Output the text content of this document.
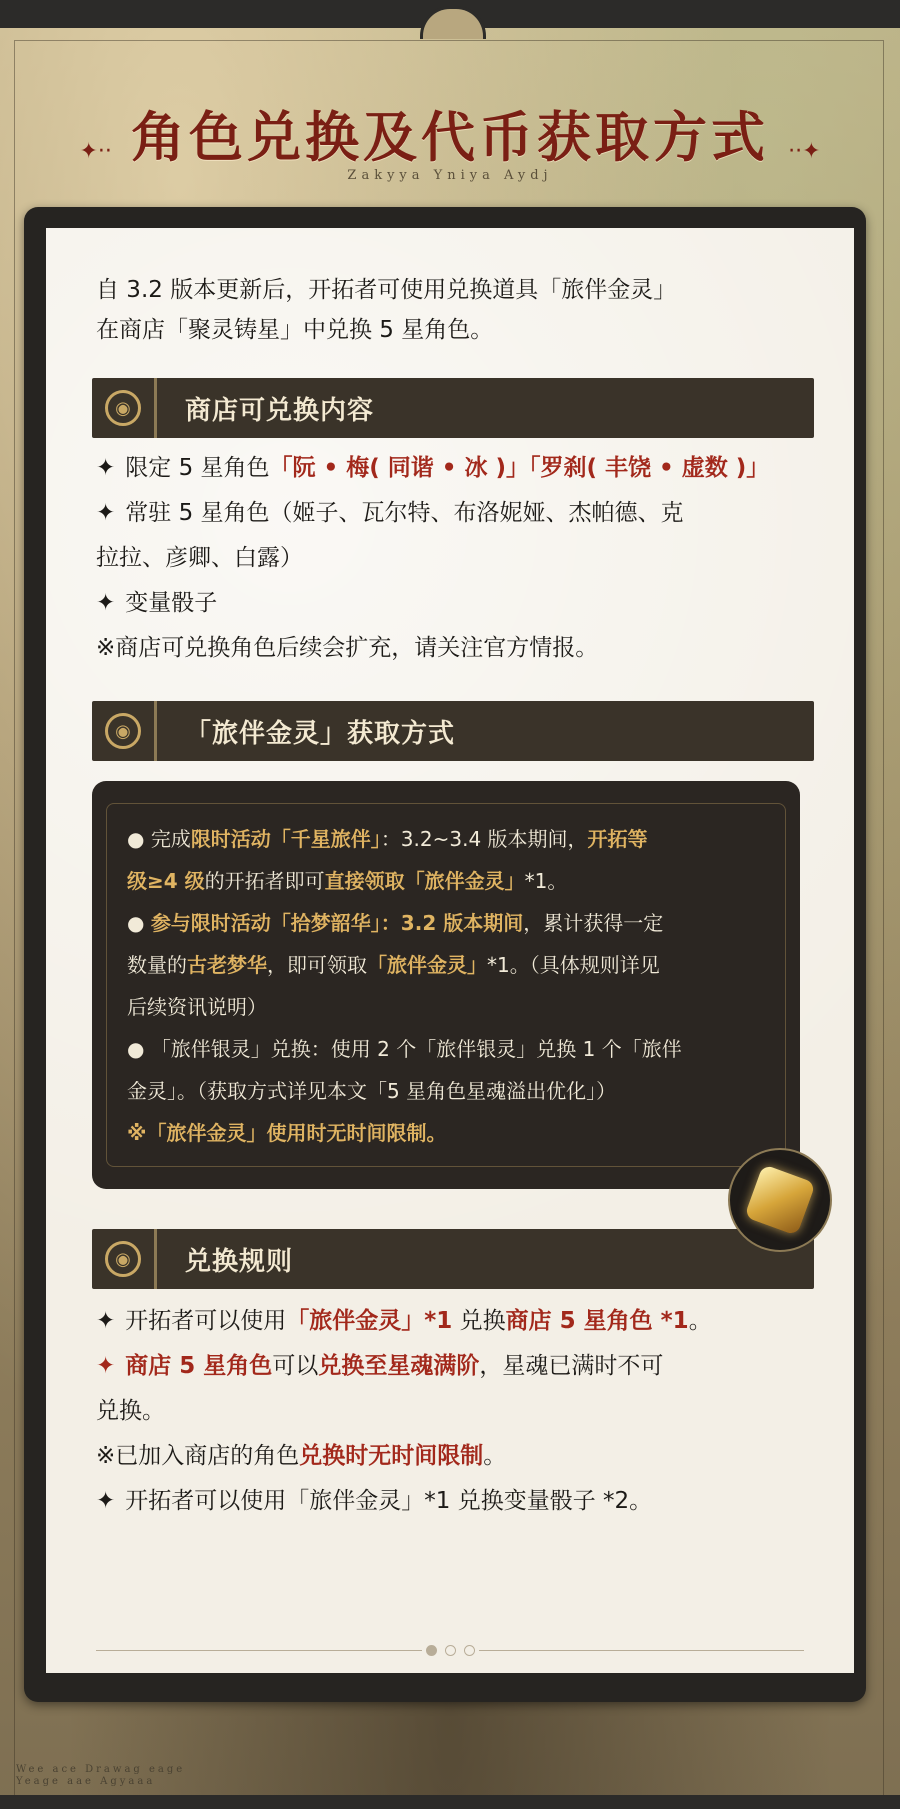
✦·· 角色兑换及代币获取方式 ··✦
Zakyya Yniya Aydj

自 3.2 版本更新后，开拓者可使用兑换道具「旅伴金灵」

在商店「聚灵铸星」中兑换 5 星角色。

◉	商店可兑换内容

✦ 限定 5 星角色「阮 • 梅( 同谐 • 冰 )」「罗刹( 丰饶 • 虚数 )」

✦ 常驻 5 星角色（姬子、瓦尔特、布洛妮娅、杰帕德、克

拉拉、彦卿、白露）

✦ 变量骰子

※商店可兑换角色后续会扩充，请关注官方情报。

◉	「旅伴金灵」获取方式

● 完成限时活动「千星旅伴」：3.2~3.4 版本期间，开拓等

级≥4 级的开拓者即可直接领取「旅伴金灵」*1。

● 参与限时活动「拾梦韶华」：3.2 版本期间，累计获得一定

数量的古老梦华，即可领取「旅伴金灵」*1。（具体规则详见

后续资讯说明）

● 「旅伴银灵」兑换：使用 2 个「旅伴银灵」兑换 1 个「旅伴

金灵」。（获取方式详见本文「5 星角色星魂溢出优化」）

※「旅伴金灵」使用时无时间限制。

◉	兑换规则

✦ 开拓者可以使用「旅伴金灵」*1 兑换商店 5 星角色 *1。

✦ 商店 5 星角色可以兑换至星魂满阶，星魂已满时不可

兑换。

※已加入商店的角色兑换时无时间限制。

✦ 开拓者可以使用「旅伴金灵」*1 兑换变量骰子 *2。

Wee ace Drawag eage
Yeage aae Agyaaa
